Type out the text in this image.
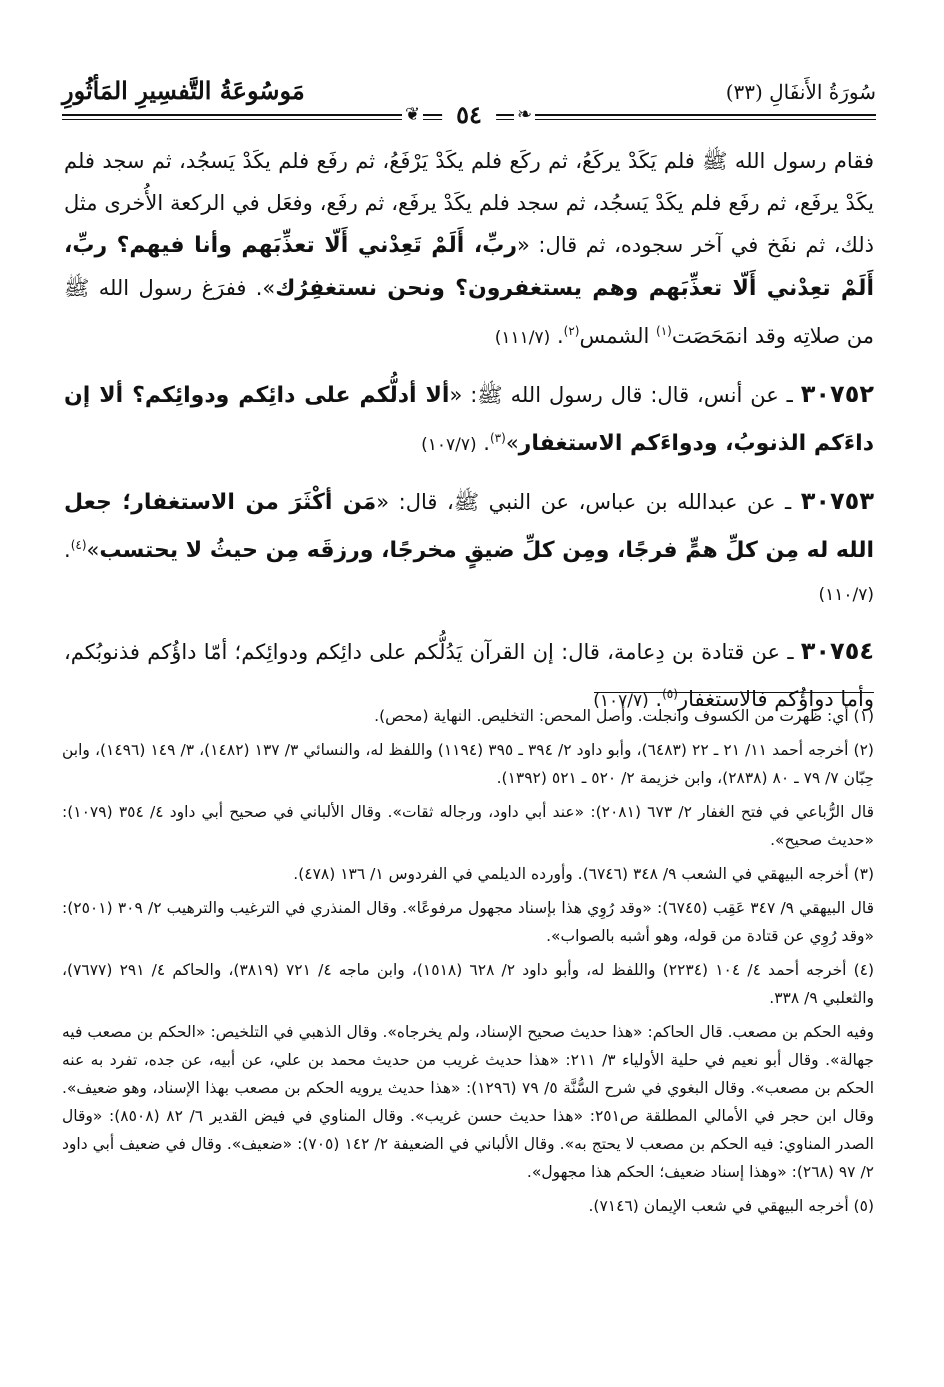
مَوسُوعَةُ التَّفسِيرِ المَأثُورِ	سُورَةُ الأَنفَالِ (٣٣)
❦	❧
٥٤

فقام رسول الله ﷺ فلم يَكَدْ يركَعُ، ثم ركَع فلم يكَدْ يَرْفَعُ، ثم رفَع فلم يكَدْ يَسجُد، ثم سجد فلم يكَدْ يرفَع، ثم رفَع فلم يكَدْ يَسجُد، ثم سجد فلم يكَدْ يرفَع، ثم رفَع، وفعَل في الركعة الأُخرى مثل ذلك، ثم نفَخ في آخر سجوده، ثم قال: «ربِّ، أَلَمْ تَعِدْني أَلّا تعذِّبَهم وأنا فيهم؟ ربِّ، أَلَمْ تعِدْني أَلّا تعذِّبَهم وهم يستغفرون؟ ونحن نستغفِرُك». ففرَغ رسول الله ﷺ من صلاتِه وقد انمَحَصَت$^{(١)}$ الشمس$^{(٢)}$. (١١١/٧)

٣٠٧٥٢ ـ عن أنس، قال: قال رسول الله ﷺ: «ألا أدلُّكم على دائِكم ودوائِكم؟ ألا إن داءَكم الذنوبُ، ودواءَكم الاستغفار»$^{(٣)}$. (١٠٧/٧)

٣٠٧٥٣ ـ عن عبدالله بن عباس، عن النبي ﷺ، قال: «مَن أكْثَرَ من الاستغفار؛ جعل الله له مِن كلِّ همٍّ فرجًا، ومِن كلِّ ضيقٍ مخرجًا، ورزقَه مِن حيثُ لا يحتسب»$^{(٤)}$. (١١٠/٧)

٣٠٧٥٤ ـ عن قتادة بن دِعامة، قال: إن القرآن يَدُلُّكم على دائِكم ودوائِكم؛ أمّا داؤُكم فذنوبُكم، وأما دواؤُكم فالاستغفار$^{(٥)}$. (١٠٧/٧)

(١) أي: ظهرت من الكسوف وانجلت. وأصل المحص: التخليص. النهاية (محص).

(٢) أخرجه أحمد ١١/ ٢١ ـ ٢٢ (٦٤٨٣)، وأبو داود ٢/ ٣٩٤ ـ ٣٩٥ (١١٩٤) واللفظ له، والنسائي ٣/ ١٣٧ (١٤٨٢)، ٣/ ١٤٩ (١٤٩٦)، وابن حِبّان ٧/ ٧٩ ـ ٨٠ (٢٨٣٨)، وابن خزيمة ٢/ ٥٢٠ ـ ٥٢١ (١٣٩٢).

قال الرُّباعي في فتح الغفار ٢/ ٦٧٣ (٢٠٨١): «عند أبي داود، ورجاله ثقات». وقال الألباني في صحيح أبي داود ٤/ ٣٥٤ (١٠٧٩): «حديث صحيح».

(٣) أخرجه البيهقي في الشعب ٩/ ٣٤٨ (٦٧٤٦). وأورده الديلمي في الفردوس ١/ ١٣٦ (٤٧٨).

قال البيهقي ٩/ ٣٤٧ عَقِب (٦٧٤٥): «وقد رُوِي هذا بإسناد مجهول مرفوعًا». وقال المنذري في الترغيب والترهيب ٢/ ٣٠٩ (٢٥٠١): «وقد رُوِي عن قتادة من قوله، وهو أشبه بالصواب».

(٤) أخرجه أحمد ٤/ ١٠٤ (٢٢٣٤) واللفظ له، وأبو داود ٢/ ٦٢٨ (١٥١٨)، وابن ماجه ٤/ ٧٢١ (٣٨١٩)، والحاكم ٤/ ٢٩١ (٧٦٧٧)، والثعلبي ٩/ ٣٣٨.

وفيه الحكم بن مصعب. قال الحاكم: «هذا حديث صحيح الإسناد، ولم يخرجاه». وقال الذهبي في التلخيص: «الحكم بن مصعب فيه جهالة». وقال أبو نعيم في حلية الأولياء ٣/ ٢١١: «هذا حديث غريب من حديث محمد بن علي، عن أبيه، عن جده، تفرد به عنه الحكم بن مصعب». وقال البغوي في شرح السُّنَّة ٥/ ٧٩ (١٢٩٦): «هذا حديث يرويه الحكم بن مصعب بهذا الإسناد، وهو ضعيف». وقال ابن حجر في الأمالي المطلقة ص٢٥١: «هذا حديث حسن غريب». وقال المناوي في فيض القدير ٦/ ٨٢ (٨٥٠٨): «وقال الصدر المناوي: فيه الحكم بن مصعب لا يحتج به». وقال الألباني في الضعيفة ٢/ ١٤٢ (٧٠٥): «ضعيف». وقال في ضعيف أبي داود ٢/ ٩٧ (٢٦٨): «وهذا إسناد ضعيف؛ الحكم هذا مجهول».

(٥) أخرجه البيهقي في شعب الإيمان (٧١٤٦).
